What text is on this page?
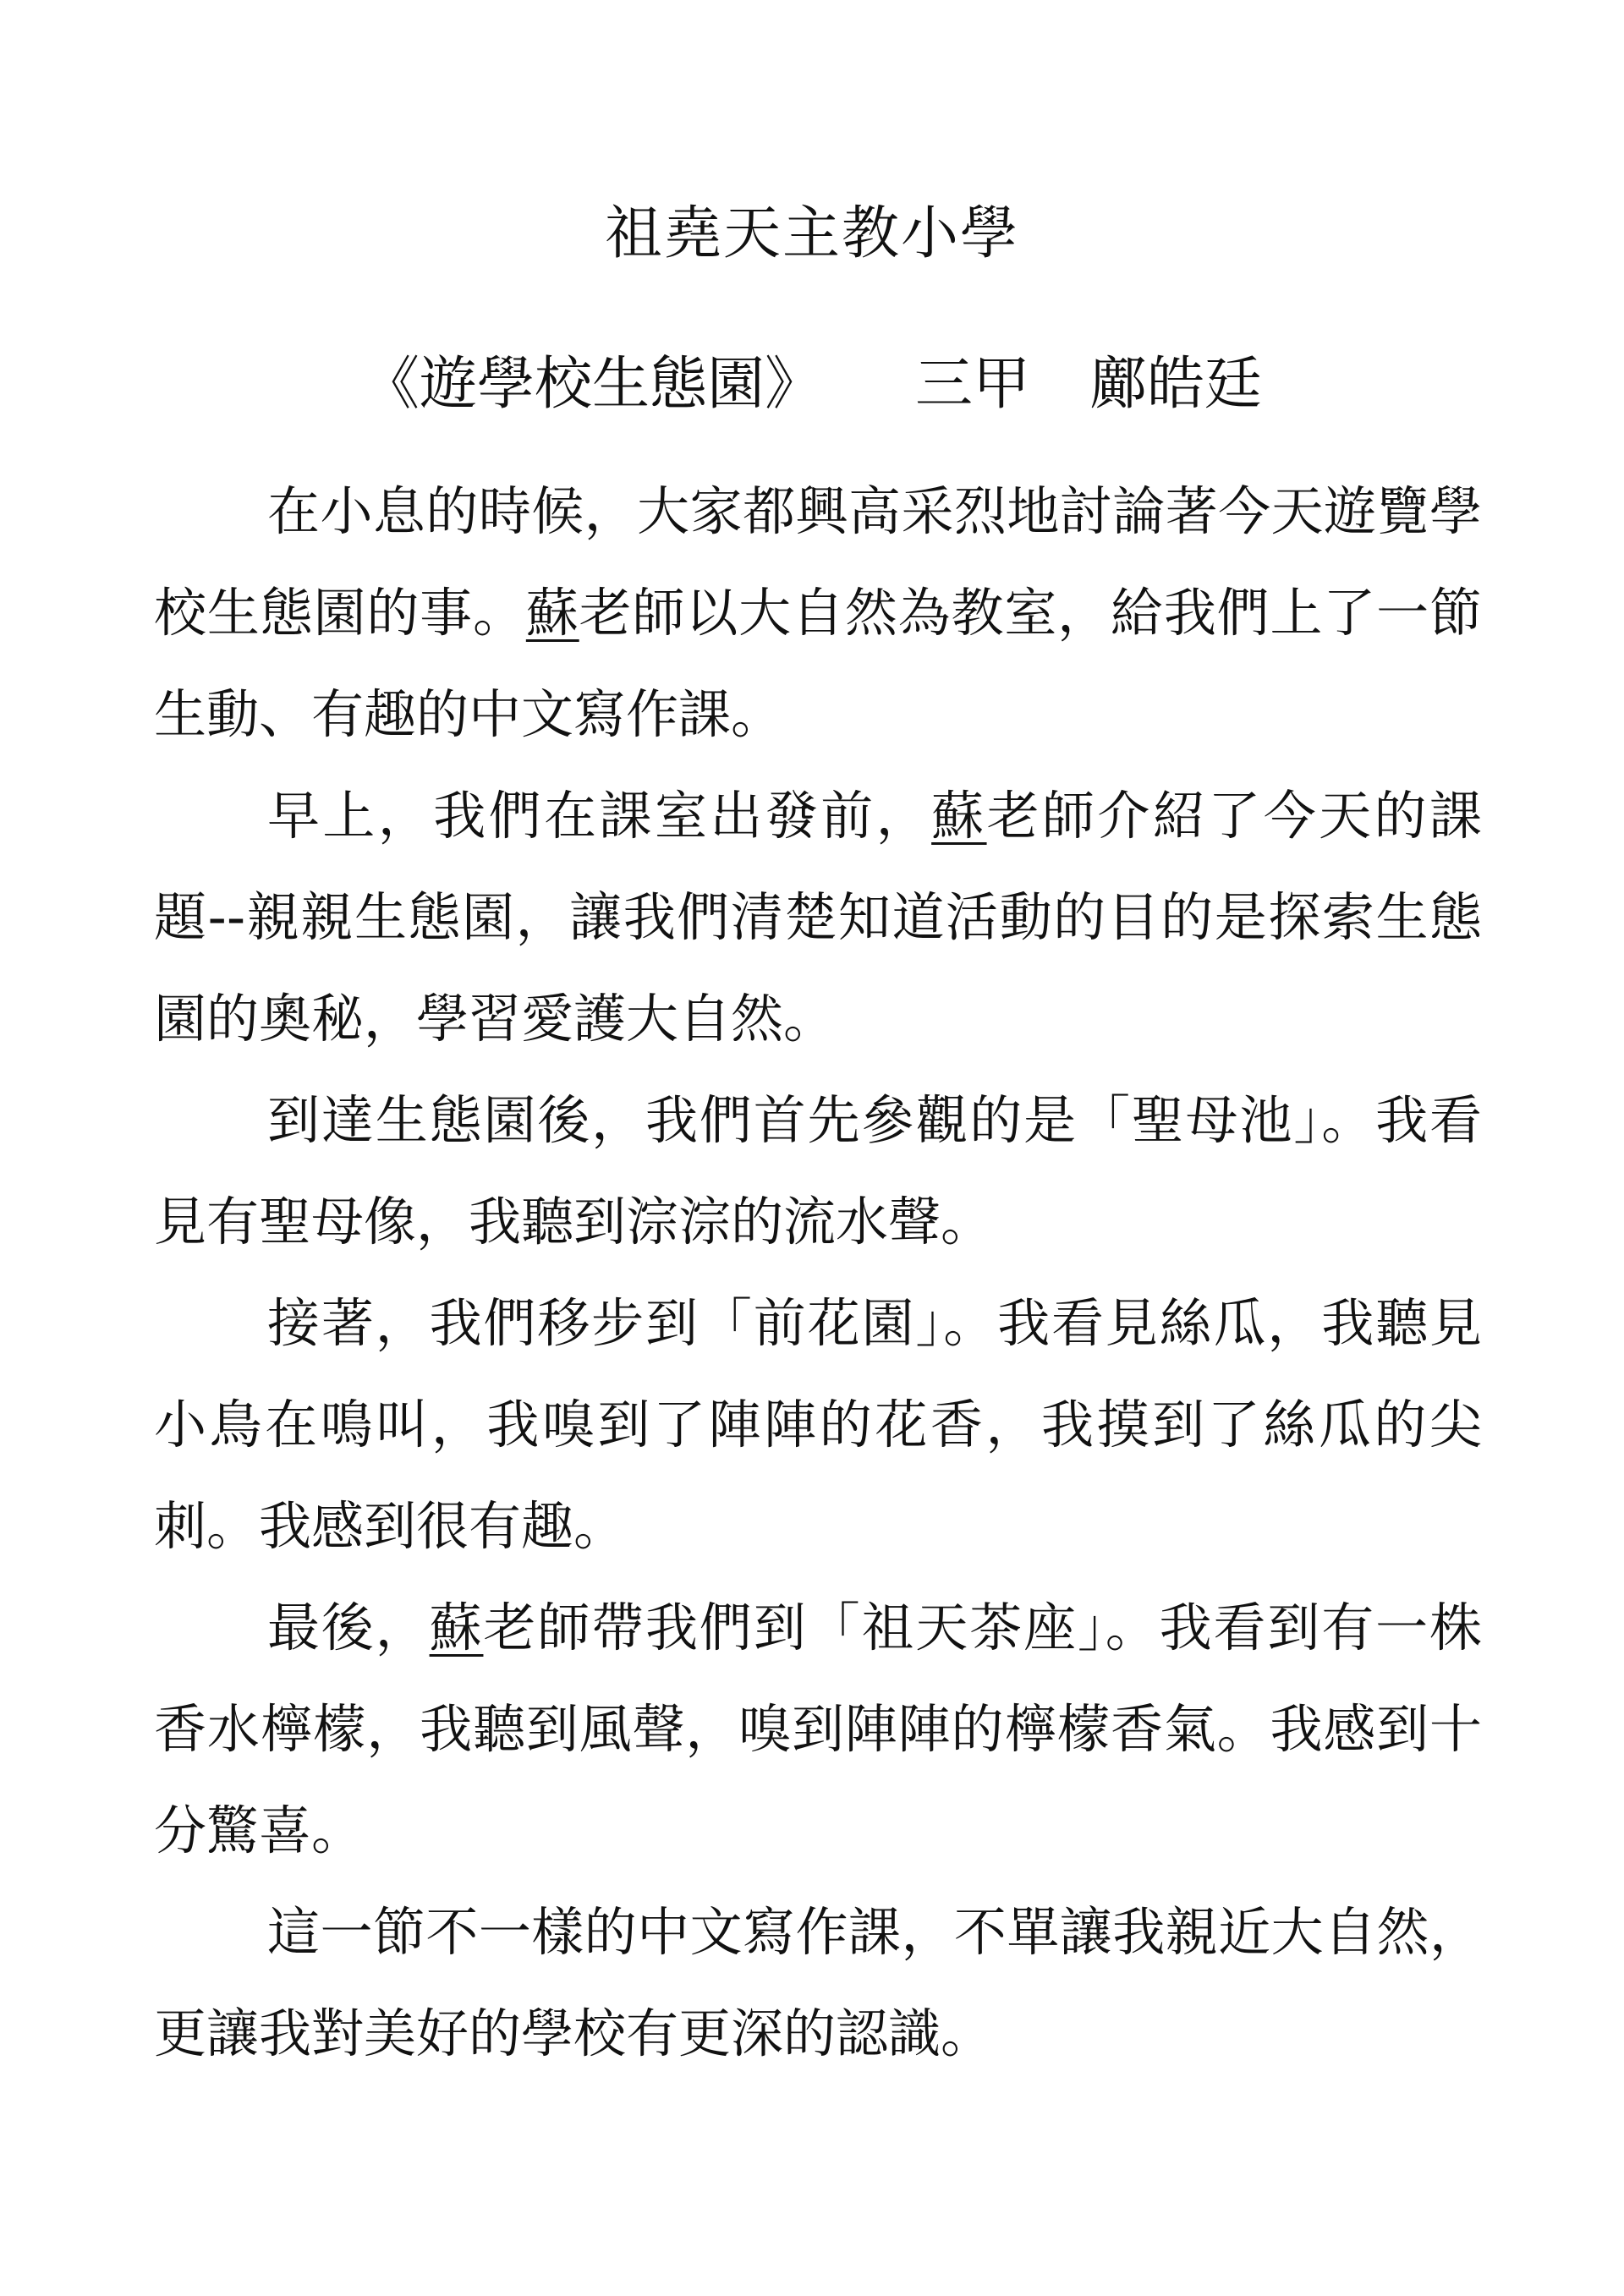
祖堯天主教小學
《遊學校生態園》 三甲 鄺皓廷

在小息的時候，大家都興高采烈地討論著今天遊覽學校生態園的事。蘇老師以大自然為教室，給我們上了一節生動、有趣的中文寫作課。

早上，我們在課室出發前，蘇老師介紹了今天的課題--親親生態園，讓我們清楚知道活動的目的是探索生態園的奧秘，學習愛護大自然。

到達生態園後，我們首先參觀的是「聖母池」。我看見有聖母像，我聽到淙淙的流水聲。

接著，我們移步到「前花園」。我看見絲瓜，我聽見小鳥在鳴叫，我嗅到了陣陣的花香，我摸到了絲瓜的尖刺。我感到很有趣。

最後，蘇老師帶我們到「祖天茶座」。我看到有一株香水檸檬，我聽到風聲，嗅到陣陣的檸檬香氣。我感到十分驚喜。

這一節不一樣的中文寫作課，不單讓我親近大自然，更讓我對美好的學校有更深的認識。
